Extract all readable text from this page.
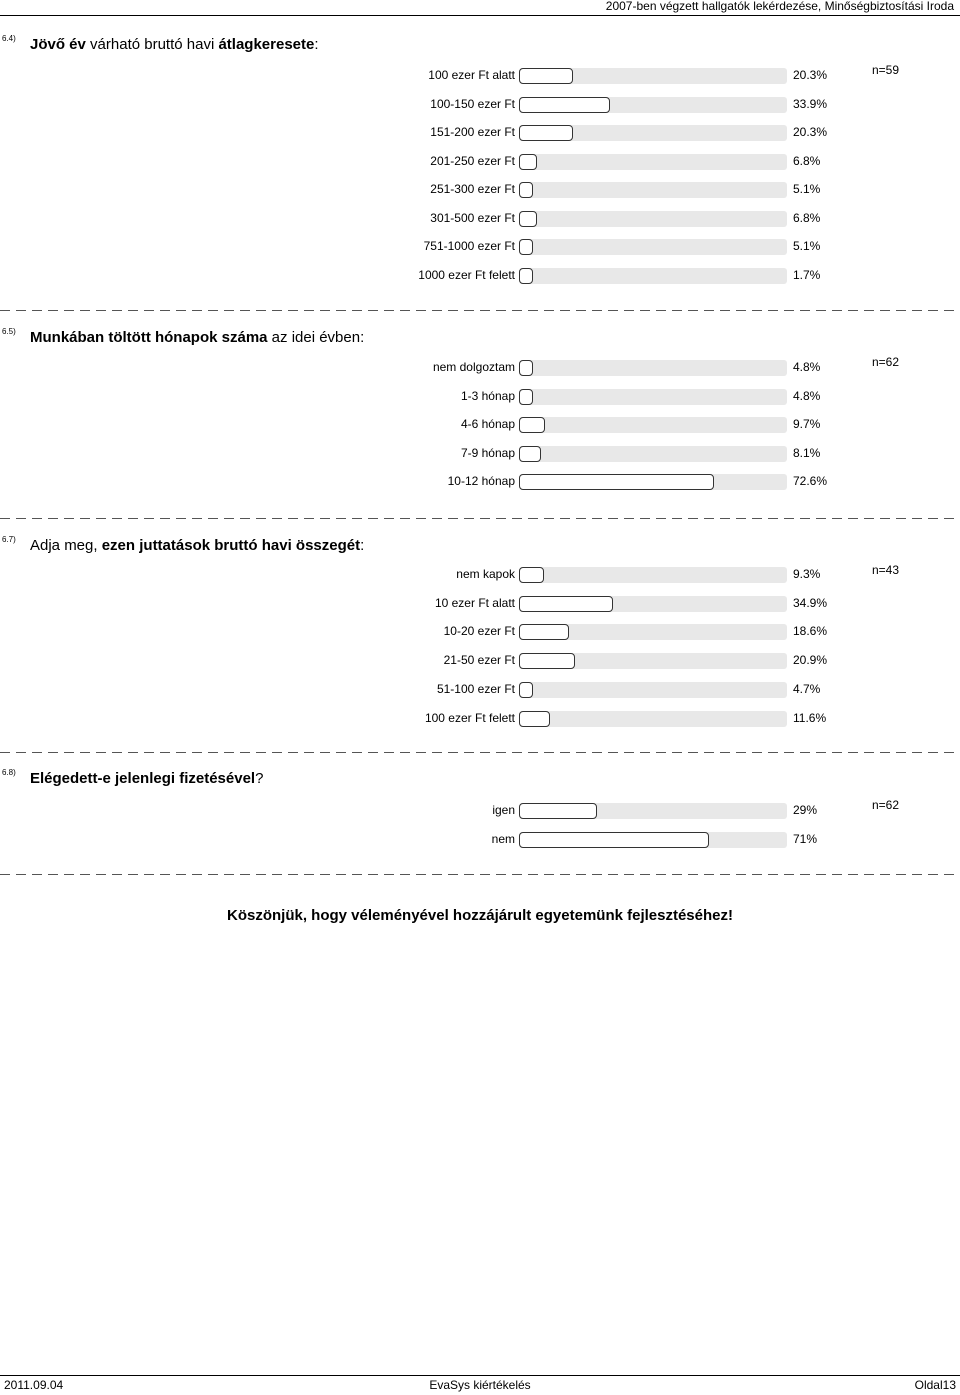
2007-ben végzett hallgatók lekérdezése, Minőségbiztosítási Iroda
6.4) Jövő év várható bruttó havi átlagkeresete:
n=59
100 ezer Ft alatt	20.3%
100-150 ezer Ft	33.9%
151-200 ezer Ft	20.3%
201-250 ezer Ft	6.8%
251-300 ezer Ft	5.1%
301-500 ezer Ft	6.8%
751-1000 ezer Ft	5.1%
1000 ezer Ft felett	1.7%
6.5) Munkában töltött hónapok száma az idei évben:
n=62
nem dolgoztam	4.8%
1-3 hónap	4.8%
4-6 hónap	9.7%
7-9 hónap	8.1%
10-12 hónap	72.6%
6.7) Adja meg, ezen juttatások bruttó havi összegét:
n=43
nem kapok	9.3%
10 ezer Ft alatt	34.9%
10-20 ezer Ft	18.6%
21-50 ezer Ft	20.9%
51-100 ezer Ft	4.7%
100 ezer Ft felett	11.6%
6.8) Elégedett-e jelenlegi fizetésével?
n=62
igen	29%
nem	71%
Köszönjük, hogy véleményével hozzájárult egyetemünk fejlesztéséhez!
2011.09.04	EvaSys kiértékelés	Oldal13
